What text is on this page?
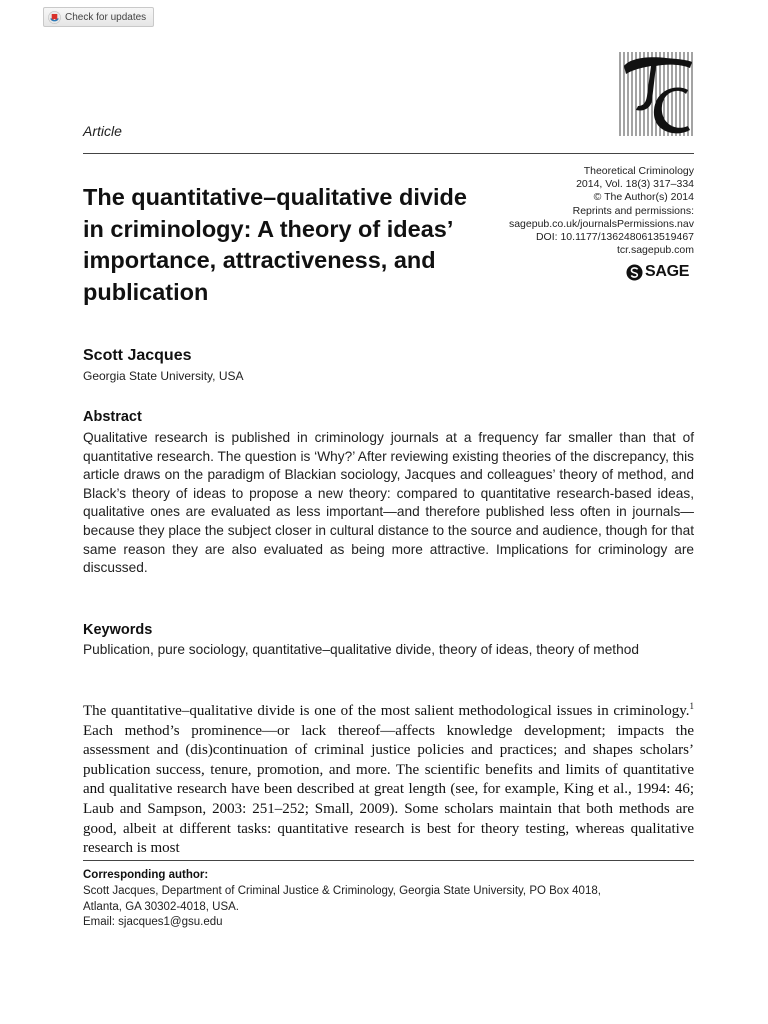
Check for updates
Article
Theoretical Criminology
2014, Vol. 18(3) 317–334
© The Author(s) 2014
Reprints and permissions:
sagepub.co.uk/journalsPermissions.nav
DOI: 10.1177/1362480613519467
tcr.sagepub.com
SAGE
The quantitative–qualitative divide in criminology: A theory of ideas’ importance, attractiveness, and publication
Scott Jacques
Georgia State University, USA
Abstract

Qualitative research is published in criminology journals at a frequency far smaller than that of quantitative research. The question is ‘Why?’ After reviewing existing theories of the discrepancy, this article draws on the paradigm of Blackian sociology, Jacques and colleagues’ theory of method, and Black’s theory of ideas to propose a new theory: compared to quantitative research-based ideas, qualitative ones are evaluated as less important—and therefore published less often in journals—because they place the subject closer in cultural distance to the source and audience, though for that same reason they are also evaluated as being more attractive. Implications for criminology are discussed.

Keywords

Publication, pure sociology, quantitative–qualitative divide, theory of ideas, theory of method

The quantitative–qualitative divide is one of the most salient methodological issues in criminology.$^1$ Each method’s prominence—or lack thereof—affects knowledge development; impacts the assessment and (dis)continuation of criminal justice policies and practices; and shapes scholars’ publication success, tenure, promotion, and more. The scientific benefits and limits of quantitative and qualitative research have been described at great length (see, for example, King et al., 1994: 46; Laub and Sampson, 2003: 251–252; Small, 2009). Some scholars maintain that both methods are good, albeit at different tasks: quantitative research is best for theory testing, whereas qualitative research is most

Corresponding author:
Scott Jacques, Department of Criminal Justice & Criminology, Georgia State University, PO Box 4018,
Atlanta, GA 30302-4018, USA.
Email: sjacques1@gsu.edu
